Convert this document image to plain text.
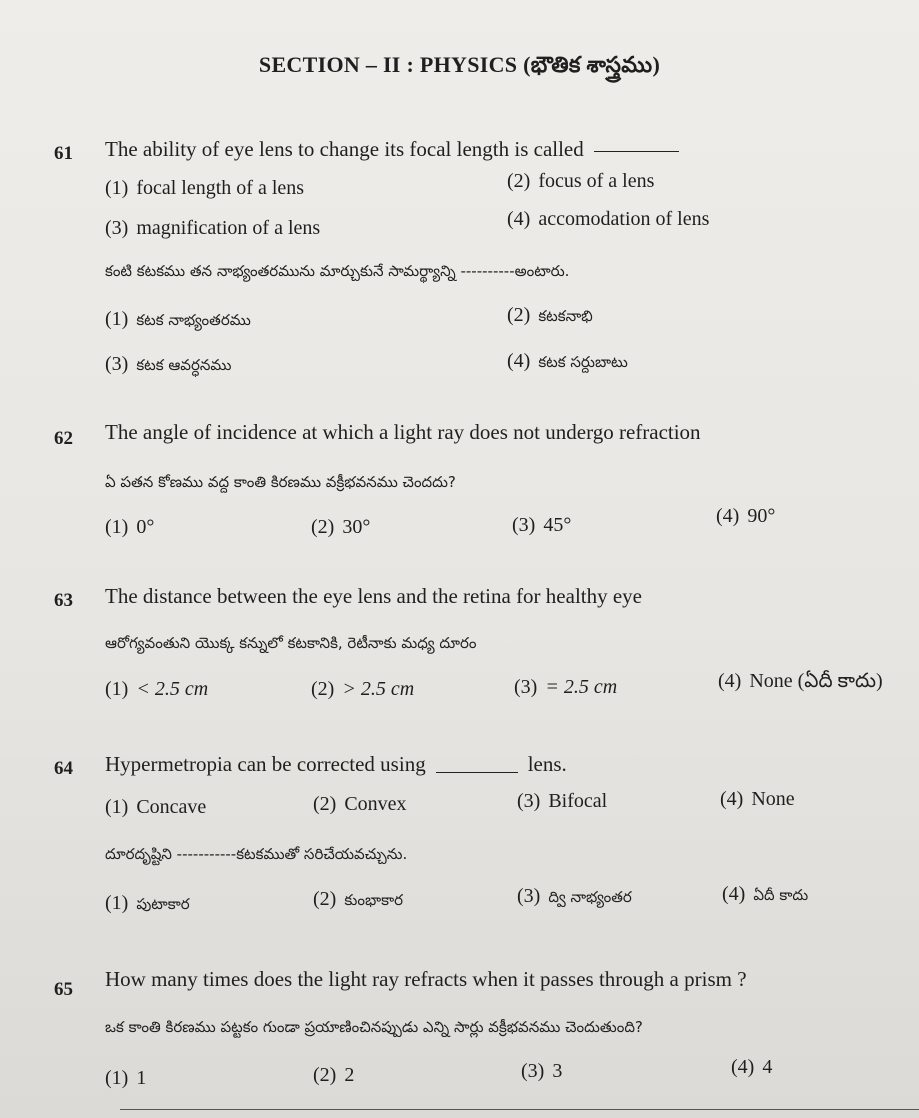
SECTION – II : PHYSICS (భౌతిక శాస్త్రము)
61 The ability of eye lens to change its focal length is called
(1) focal length of a lens	(2) focus of a lens
(3) magnification of a lens	(4) accomodation of lens
కంటి కటకము తన నాభ్యంతరమును మార్చుకునే సామర్థ్యాన్ని ----------అంటారు.
(1) కటక నాభ్యంతరము	(2) కటకనాభి
(3) కటక ఆవర్ధనము	(4) కటక సర్దుబాటు
62 The angle of incidence at which a light ray does not undergo refraction
ఏ పతన కోణము వద్ద కాంతి కిరణము వక్రీభవనము చెందదు?
(1) 0°	(2) 30°	(3) 45°	(4) 90°
63 The distance between the eye lens and the retina for healthy eye
ఆరోగ్యవంతుని యొక్క కన్నులో కటకానికి, రెటీనాకు మధ్య దూరం
(1) < 2.5 cm	(2) > 2.5 cm	(3) = 2.5 cm	(4) None (ఏదీ కాదు)
64 Hypermetropia can be corrected using	lens.
(1) Concave	(2) Convex	(3) Bifocal	(4) None
దూరదృష్టిని -----------కటకముతో సరిచేయవచ్చును.
(1) పుటాకార	(2) కుంభాకార	(3) ద్వి నాభ్యంతర	(4) ఏదీ కాదు
65 How many times does the light ray refracts when it passes through a prism ?
ఒక కాంతి కిరణము పట్టకం గుండా ప్రయాణించినప్పుడు ఎన్ని సార్లు వక్రీభవనము చెందుతుంది?
(1) 1	(2) 2	(3) 3	(4) 4
